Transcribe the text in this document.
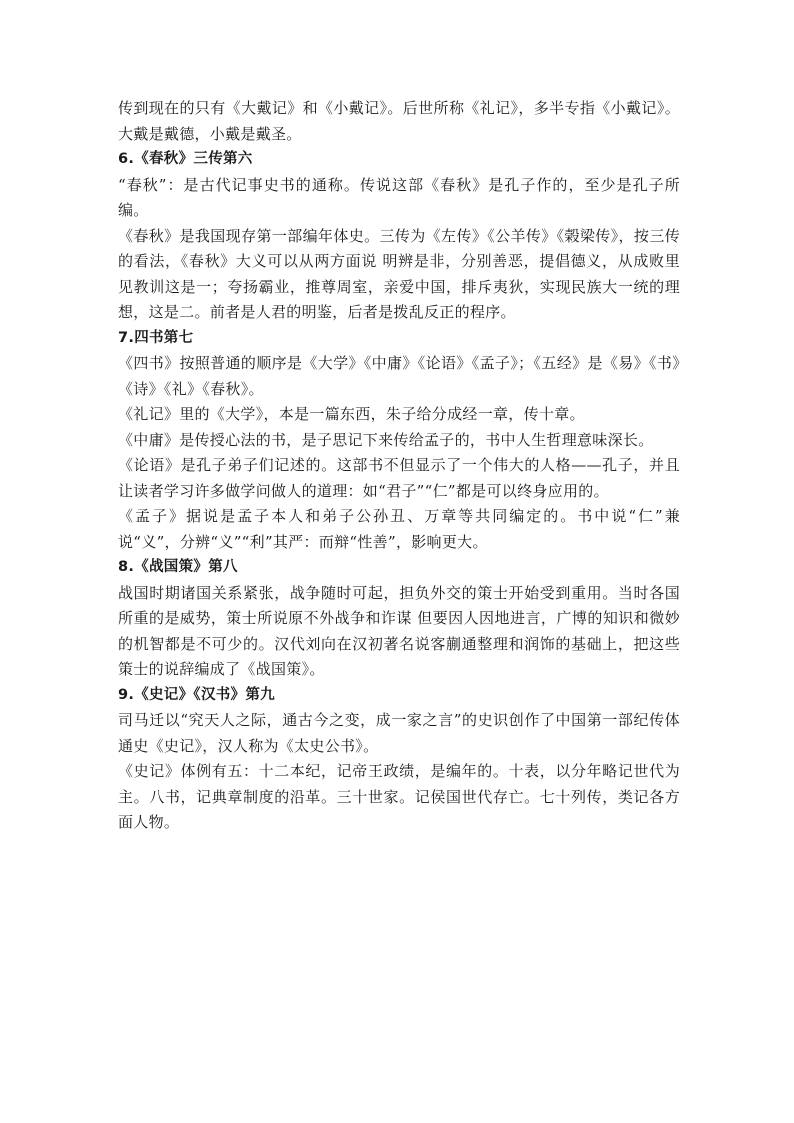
传到现在的只有《大戴记》和《小戴记》。后世所称《礼记》，多半专指《小戴记》。大戴是戴德，小戴是戴圣。

6.《春秋》三传第六

“春秋”：是古代记事史书的通称。传说这部《春秋》是孔子作的，至少是孔子所编。

《春秋》是我国现存第一部编年体史。三传为《左传》《公羊传》《榖梁传》，按三传的看法，《春秋》大义可以从两方面说 明辨是非，分别善恶，提倡德义，从成败里见教训这是一；夸扬霸业，推尊周室，亲爱中国，排斥夷狄，实现民族大一统的理想，这是二。前者是人君的明鉴，后者是拨乱反正的程序。

7.四书第七

《四书》按照普通的顺序是《大学》《中庸》《论语》《孟子》；《五经》是《易》《书》《诗》《礼》《春秋》。

《礼记》里的《大学》，本是一篇东西，朱子给分成经一章，传十章。

《中庸》是传授心法的书，是子思记下来传给孟子的，书中人生哲理意味深长。

《论语》是孔子弟子们记述的。这部书不但显示了一个伟大的人格——孔子，并且让读者学习许多做学问做人的道理：如“君子”“仁”都是可以终身应用的。

《孟子》据说是孟子本人和弟子公孙丑、万章等共同编定的。书中说“仁”兼说“义”，分辨“义”“利”其严：而辩“性善”，影响更大。

8.《战国策》第八

战国时期诸国关系紧张，战争随时可起，担负外交的策士开始受到重用。当时各国所重的是威势，策士所说原不外战争和诈谋 但要因人因地进言，广博的知识和微妙的机智都是不可少的。汉代刘向在汉初著名说客蒯通整理和润饰的基础上，把这些策士的说辞编成了《战国策》。

9.《史记》《汉书》第九

司马迁以“究天人之际，通古今之变，成一家之言”的史识创作了中国第一部纪传体通史《史记》，汉人称为《太史公书》。

《史记》体例有五：十二本纪，记帝王政绩，是编年的。十表，以分年略记世代为主。八书，记典章制度的沿革。三十世家。记侯国世代存亡。七十列传，类记各方面人物。
